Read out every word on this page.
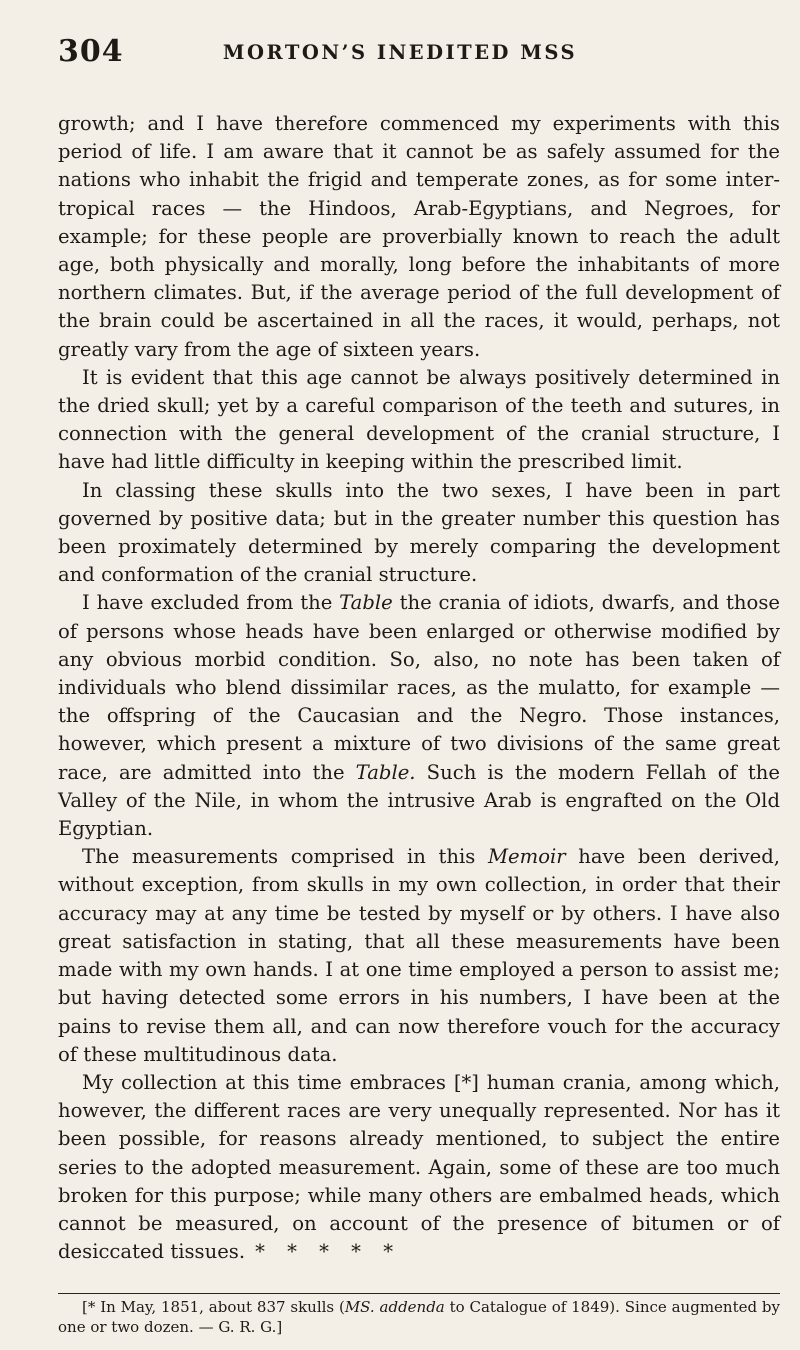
304	MORTON’S INEDITED MSS

growth; and I have therefore commenced my experiments with this period of life. I am aware that it cannot be as safely assumed for the nations who inhabit the frigid and temperate zones, as for some inter-tropical races — the Hindoos, Arab-Egyptians, and Negroes, for example; for these people are proverbially known to reach the adult age, both physically and morally, long before the inhabitants of more northern climates. But, if the average period of the full development of the brain could be ascertained in all the races, it would, perhaps, not greatly vary from the age of sixteen years.

It is evident that this age cannot be always positively determined in the dried skull; yet by a careful comparison of the teeth and sutures, in connection with the general development of the cranial structure, I have had little difficulty in keeping within the prescribed limit.

In classing these skulls into the two sexes, I have been in part governed by positive data; but in the greater number this question has been proximately determined by merely comparing the development and conformation of the cranial structure.

I have excluded from the Table the crania of idiots, dwarfs, and those of persons whose heads have been enlarged or otherwise modified by any obvious morbid condition. So, also, no note has been taken of individuals who blend dissimilar races, as the mulatto, for example — the offspring of the Caucasian and the Negro. Those instances, however, which present a mixture of two divisions of the same great race, are admitted into the Table. Such is the modern Fellah of the Valley of the Nile, in whom the intrusive Arab is engrafted on the Old Egyptian.

The measurements comprised in this Memoir have been derived, without exception, from skulls in my own collection, in order that their accuracy may at any time be tested by myself or by others. I have also great satisfaction in stating, that all these measurements have been made with my own hands. I at one time employed a person to assist me; but having detected some errors in his numbers, I have been at the pains to revise them all, and can now therefore vouch for the accuracy of these multitudinous data.

My collection at this time embraces [*] human crania, among which, however, the different races are very unequally represented. Nor has it been possible, for reasons already mentioned, to subject the entire series to the adopted measurement. Again, some of these are too much broken for this purpose; while many others are embalmed heads, which cannot be measured, on account of the presence of bitumen or of desiccated tissues. * * * * *

[* In May, 1851, about 837 skulls (MS. addenda to Catalogue of 1849). Since augmented by one or two dozen. — G. R. G.]
